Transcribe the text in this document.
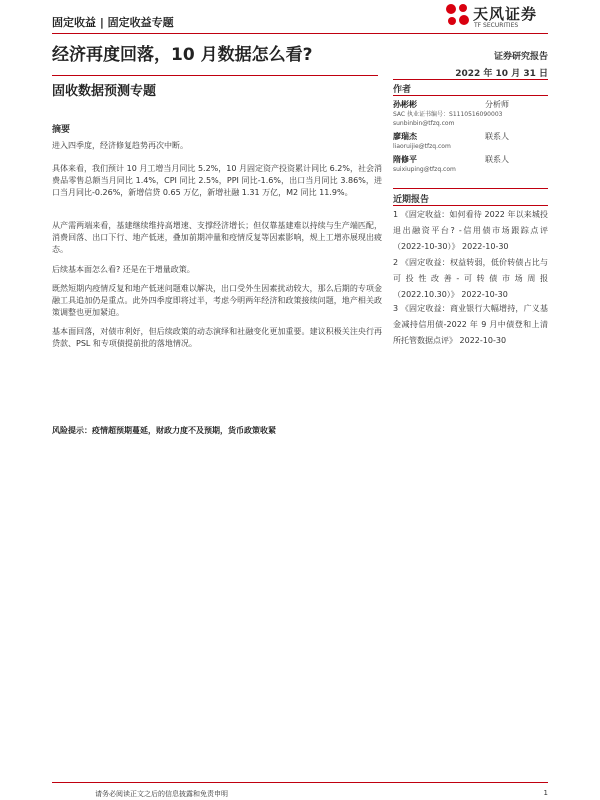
固定收益 | 固定收益专题	天风证券
TF SECURITIES
经济再度回落，10 月数据怎么看?	证券研究报告
2022 年 10 月 31 日
固收数据预测专题	作者
孙彬彬	分析师
SAC 执业证书编号：S1110516090003
sunbinbin@tfzq.com
廖瑞杰	联系人
liaoruijie@tfzq.com
隋修平	联系人
suixiuping@tfzq.com
近期报告
1 《固定收益：如何看待 2022 年以来城投退出融资平台? -信用债市场跟踪点评（2022-10-30）》 2022-10-30
2 《固定收益：权益转弱，低价转债占比与可投性改善-可转债市场周报（2022.10.30）》 2022-10-30
3 《固定收益：商业银行大幅增持，广义基金减持信用债-2022 年 9 月中债登和上清所托管数据点评》 2022-10-30
摘要
进入四季度，经济修复趋势再次中断。
具体来看，我们预计 10 月工增当月同比 5.2%，10 月固定资产投资累计同比 6.2%，社会消费品零售总额当月同比 1.4%，CPI 同比 2.5%，PPI 同比-1.6%，出口当月同比 3.86%，进口当月同比-0.26%，新增信贷 0.65 万亿，新增社融 1.31 万亿，M2 同比 11.9%。
从产需两端来看，基建继续维持高增速、支撑经济增长；但仅靠基建难以持续与生产端匹配，消费回落、出口下行、地产低迷，叠加前期冲量和疫情反复等因素影响，规上工增亦展现出疲态。
后续基本面怎么看? 还是在于增量政策。
既然短期内疫情反复和地产低迷问题难以解决，出口受外生因素扰动较大，那么后期的专项金融工具追加仍是重点。此外四季度即将过半，考虑今明两年经济和政策接续问题，地产相关政策调整也更加紧迫。
基本面回落，对债市利好，但后续政策的动态演绎和社融变化更加重要。建议积极关注央行再贷款、PSL 和专项债提前批的落地情况。
风险提示：疫情超预期蔓延，财政力度不及预期，货币政策收紧
请务必阅读正文之后的信息披露和免责申明	1
